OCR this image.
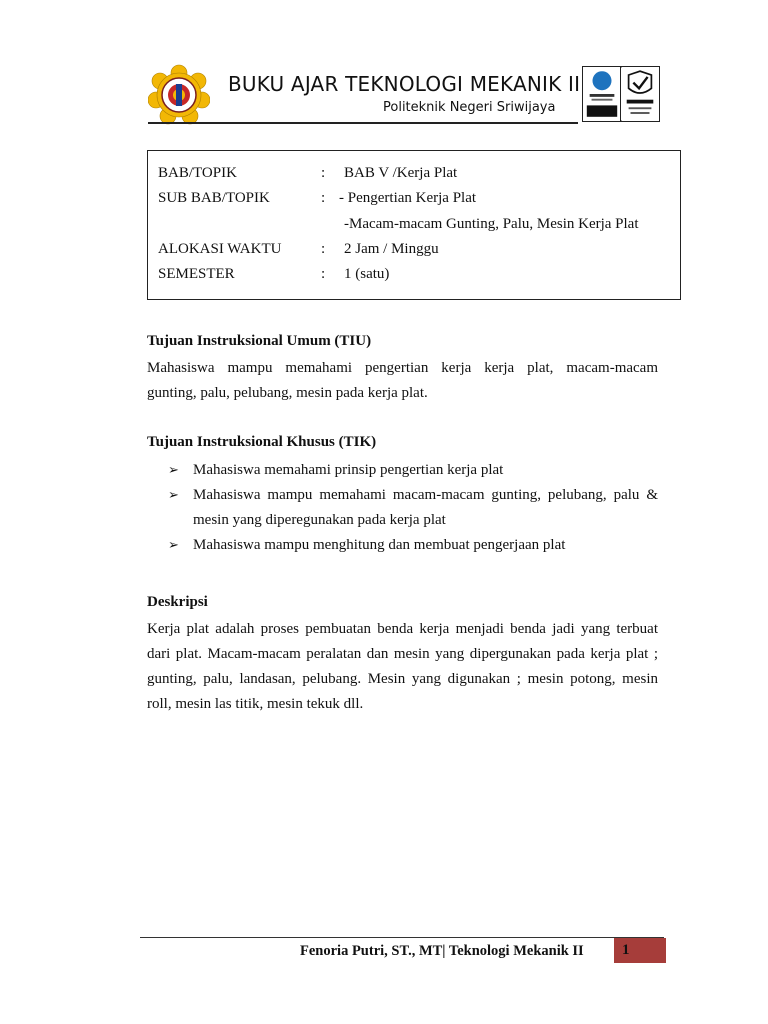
BUKU AJAR TEKNOLOGI MEKANIK II
Politeknik Negeri Sriwijaya
BAB/TOPIK	: BAB V /Kerja Plat
SUB BAB/TOPIK	: - Pengertian Kerja Plat
-Macam-macam Gunting, Palu, Mesin Kerja Plat
ALOKASI WAKTU	: 2 Jam / Minggu
SEMESTER	: 1 (satu)
Tujuan Instruksional Umum (TIU)

Mahasiswa mampu memahami pengertian kerja kerja plat, macam-macam

gunting, palu, pelubang, mesin pada kerja plat.

Tujuan Instruksional Khusus (TIK)
➢ Mahasiswa memahami prinsip pengertian kerja plat
➢ Mahasiswa mampu memahami macam-macam gunting, pelubang, palu & mesin yang diperegunakan pada kerja plat
➢ Mahasiswa mampu menghitung dan membuat pengerjaan plat
Deskripsi

Kerja plat adalah proses pembuatan benda kerja menjadi benda jadi yang terbuat

dari plat. Macam-macam peralatan dan mesin yang dipergunakan pada kerja plat ;

gunting, palu, landasan, pelubang. Mesin yang digunakan ; mesin potong, mesin

roll, mesin las titik, mesin tekuk dll.

Fenoria Putri, ST., MT| Teknologi Mekanik II	1
